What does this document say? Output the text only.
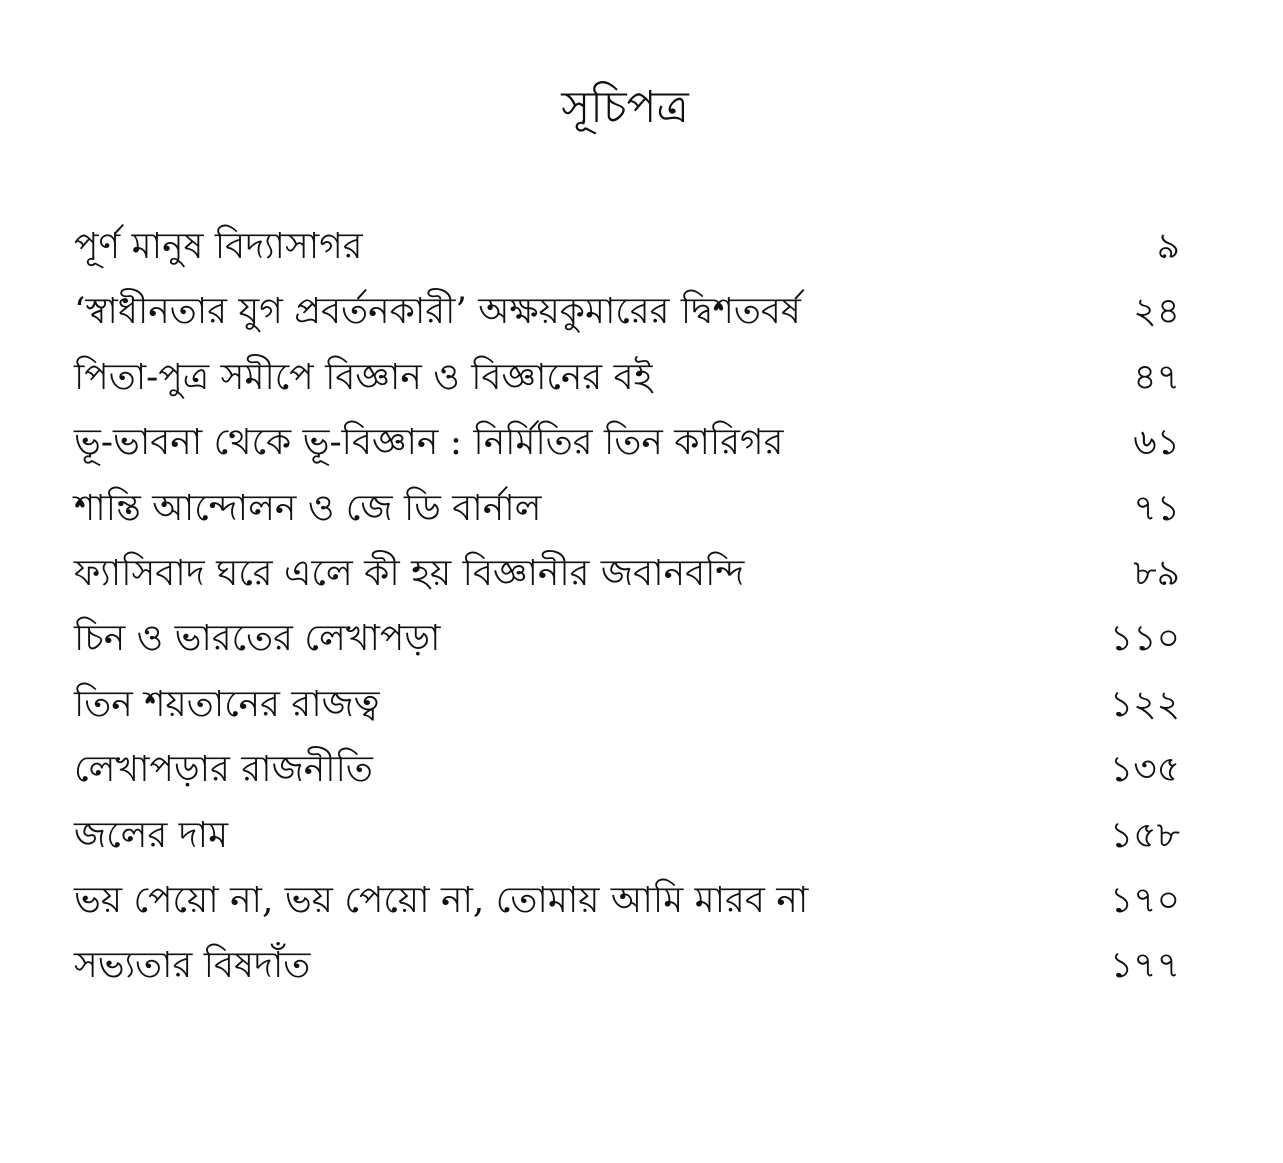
সূচিপত্র
পূর্ণ মানুষ বিদ্যাসাগর	৯
‘স্বাধীনতার যুগ প্রবর্তনকারী’ অক্ষয়কুমারের দ্বিশতবর্ষ	২৪
পিতা-পুত্র সমীপে বিজ্ঞান ও বিজ্ঞানের বই	৪৭
ভূ-ভাবনা থেকে ভূ-বিজ্ঞান : নির্মিতির তিন কারিগর	৬১
শান্তি আন্দোলন ও জে ডি বার্নাল	৭১
ফ্যাসিবাদ ঘরে এলে কী হয় বিজ্ঞানীর জবানবন্দি	৮৯
চিন ও ভারতের লেখাপড়া	১১০
তিন শয়তানের রাজত্ব	১২২
লেখাপড়ার রাজনীতি	১৩৫
জলের দাম	১৫৮
ভয় পেয়ো না, ভয় পেয়ো না, তোমায় আমি মারব না	১৭০
সভ্যতার বিষদাঁত	১৭৭
